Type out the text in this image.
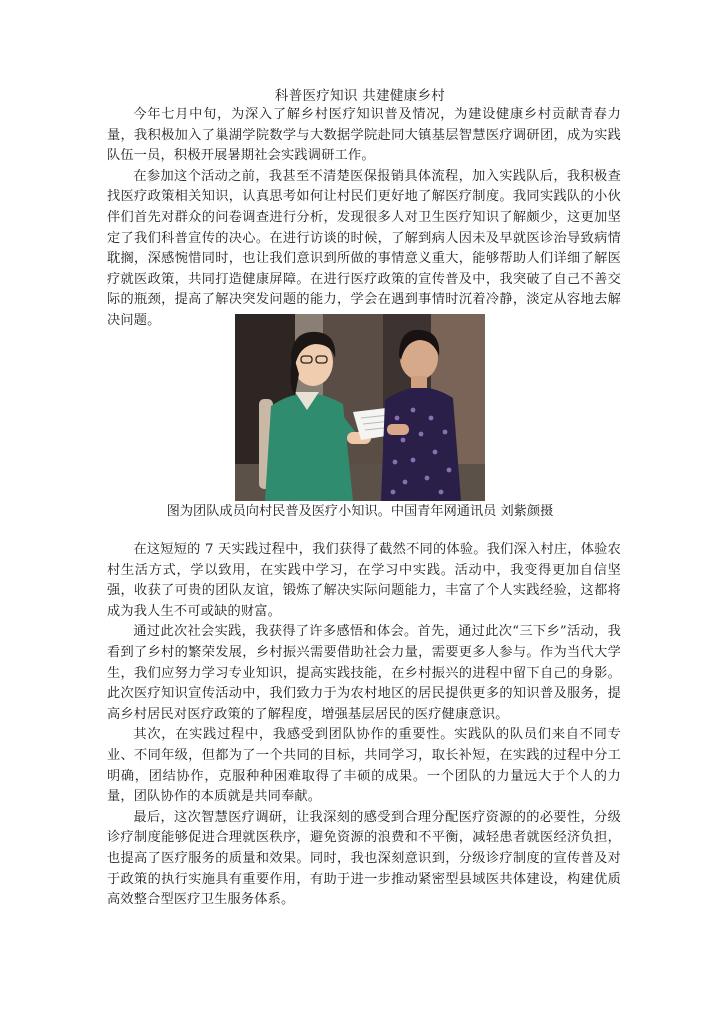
科普医疗知识 共建健康乡村

今年七月中旬，为深入了解乡村医疗知识普及情况，为建设健康乡村贡献青春力量，我积极加入了巢湖学院数学与大数据学院赴同大镇基层智慧医疗调研团，成为实践队伍一员，积极开展暑期社会实践调研工作。

在参加这个活动之前，我甚至不清楚医保报销具体流程，加入实践队后，我积极查找医疗政策相关知识，认真思考如何让村民们更好地了解医疗制度。我同实践队的小伙伴们首先对群众的问卷调查进行分析，发现很多人对卫生医疗知识了解颇少，这更加坚定了我们科普宣传的决心。在进行访谈的时候，了解到病人因未及早就医诊治导致病情耽搁，深感惋惜同时，也让我们意识到所做的事情意义重大，能够帮助人们详细了解医疗就医政策，共同打造健康屏障。在进行医疗政策的宣传普及中，我突破了自己不善交际的瓶颈，提高了解决突发问题的能力，学会在遇到事情时沉着冷静，淡定从容地去解决问题。

图为团队成员向村民普及医疗小知识。中国青年网通讯员 刘紫颜摄

在这短短的 7 天实践过程中，我们获得了截然不同的体验。我们深入村庄，体验农村生活方式，学以致用，在实践中学习，在学习中实践。活动中，我变得更加自信坚强，收获了可贵的团队友谊，锻炼了解决实际问题能力，丰富了个人实践经验，这都将成为我人生不可或缺的财富。

通过此次社会实践，我获得了许多感悟和体会。首先，通过此次“三下乡”活动，我看到了乡村的繁荣发展，乡村振兴需要借助社会力量，需要更多人参与。作为当代大学生，我们应努力学习专业知识，提高实践技能，在乡村振兴的进程中留下自己的身影。此次医疗知识宣传活动中，我们致力于为农村地区的居民提供更多的知识普及服务，提高乡村居民对医疗政策的了解程度，增强基层居民的医疗健康意识。

其次，在实践过程中，我感受到团队协作的重要性。实践队的队员们来自不同专业、不同年级，但都为了一个共同的目标，共同学习，取长补短，在实践的过程中分工明确，团结协作，克服种种困难取得了丰硕的成果。一个团队的力量远大于个人的力量，团队协作的本质就是共同奉献。

最后，这次智慧医疗调研，让我深刻的感受到合理分配医疗资源的的必要性，分级诊疗制度能够促进合理就医秩序，避免资源的浪费和不平衡，减轻患者就医经济负担，也提高了医疗服务的质量和效果。同时，我也深刻意识到，分级诊疗制度的宣传普及对于政策的执行实施具有重要作用，有助于进一步推动紧密型县域医共体建设，构建优质高效整合型医疗卫生服务体系。
